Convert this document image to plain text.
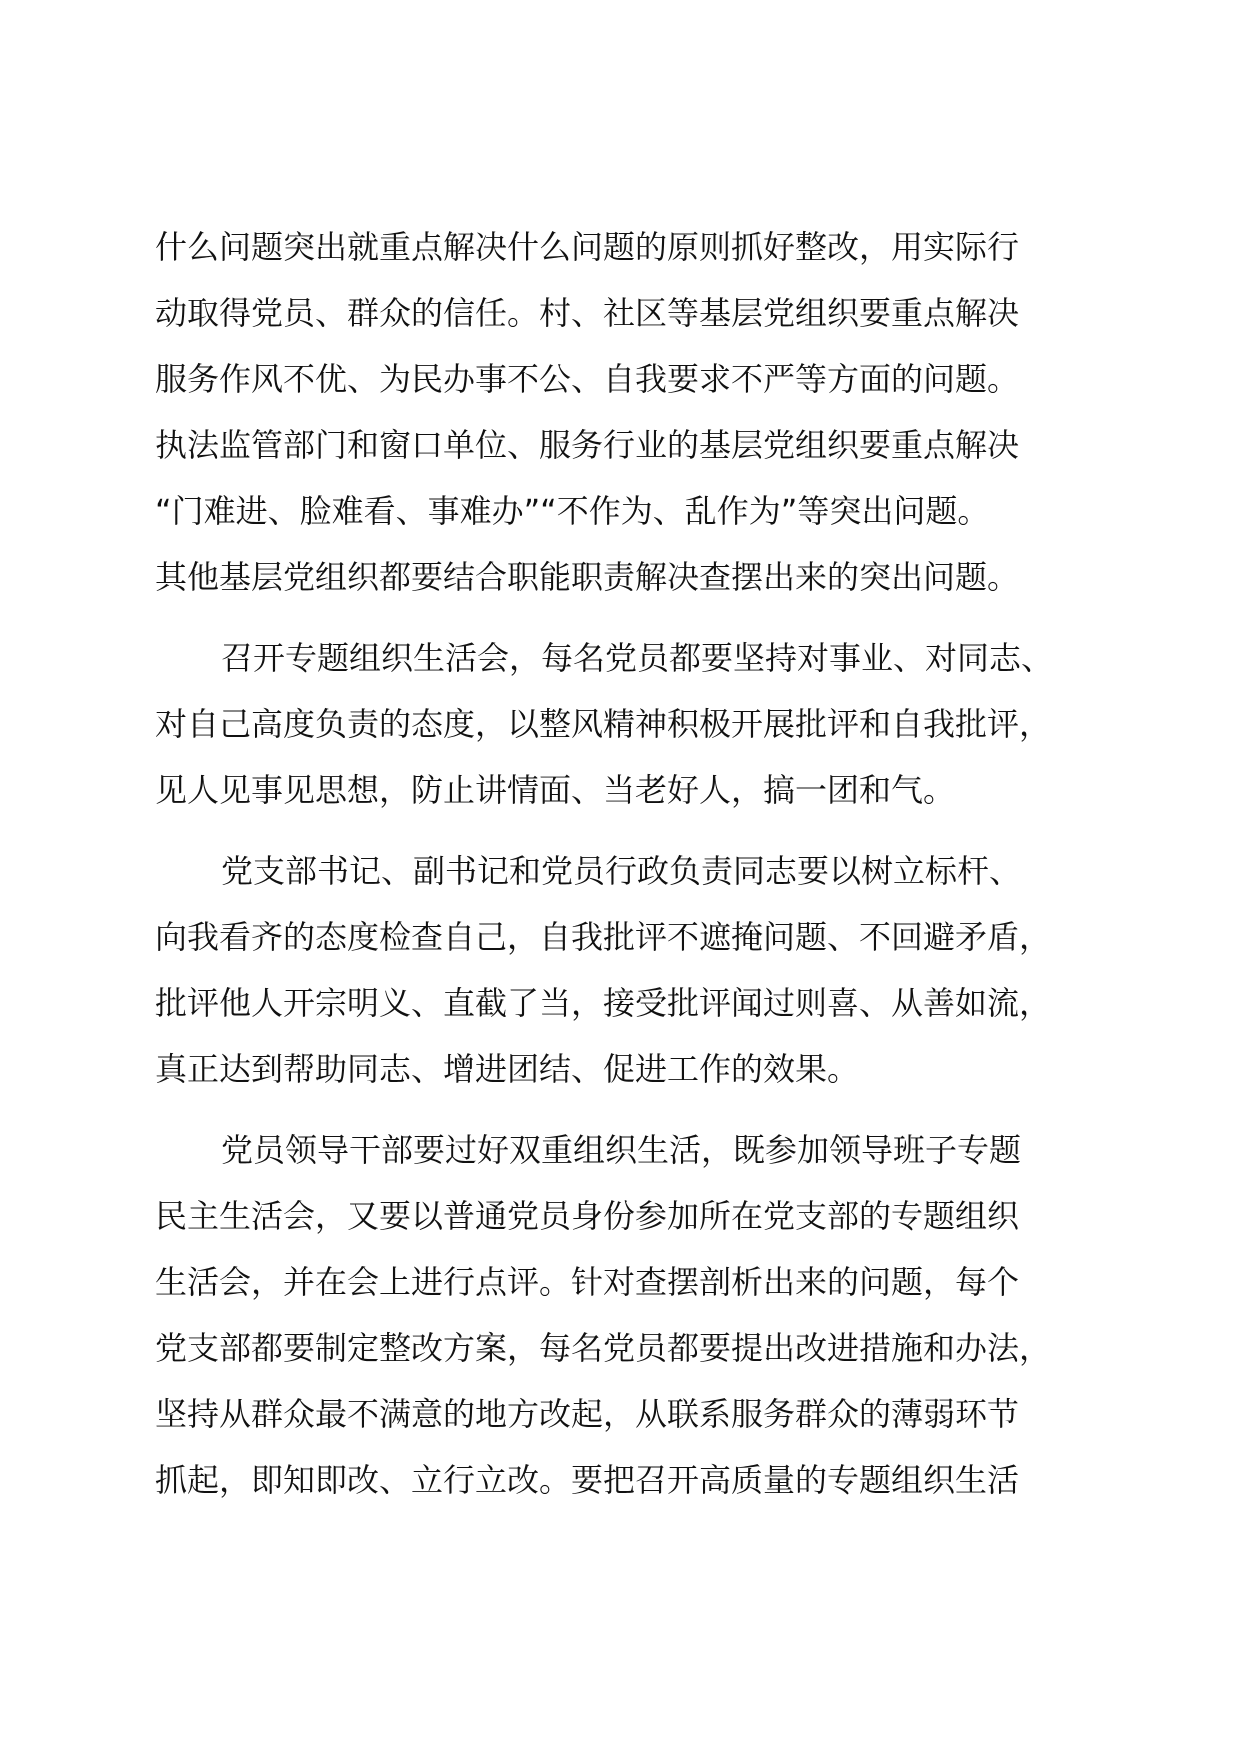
什么问题突出就重点解决什么问题的原则抓好整改，用实际行
动取得党员、群众的信任。村、社区等基层党组织要重点解决
服务作风不优、为民办事不公、自我要求不严等方面的问题。
执法监管部门和窗口单位、服务行业的基层党组织要重点解决
“门难进、脸难看、事难办”“不作为、乱作为”等突出问题。
其他基层党组织都要结合职能职责解决查摆出来的突出问题。
召开专题组织生活会，每名党员都要坚持对事业、对同志、
对自己高度负责的态度，以整风精神积极开展批评和自我批评，
见人见事见思想，防止讲情面、当老好人，搞一团和气。
党支部书记、副书记和党员行政负责同志要以树立标杆、
向我看齐的态度检查自己，自我批评不遮掩问题、不回避矛盾，
批评他人开宗明义、直截了当，接受批评闻过则喜、从善如流，
真正达到帮助同志、增进团结、促进工作的效果。
党员领导干部要过好双重组织生活，既参加领导班子专题
民主生活会，又要以普通党员身份参加所在党支部的专题组织
生活会，并在会上进行点评。针对查摆剖析出来的问题，每个
党支部都要制定整改方案，每名党员都要提出改进措施和办法，
坚持从群众最不满意的地方改起，从联系服务群众的薄弱环节
抓起，即知即改、立行立改。要把召开高质量的专题组织生活
